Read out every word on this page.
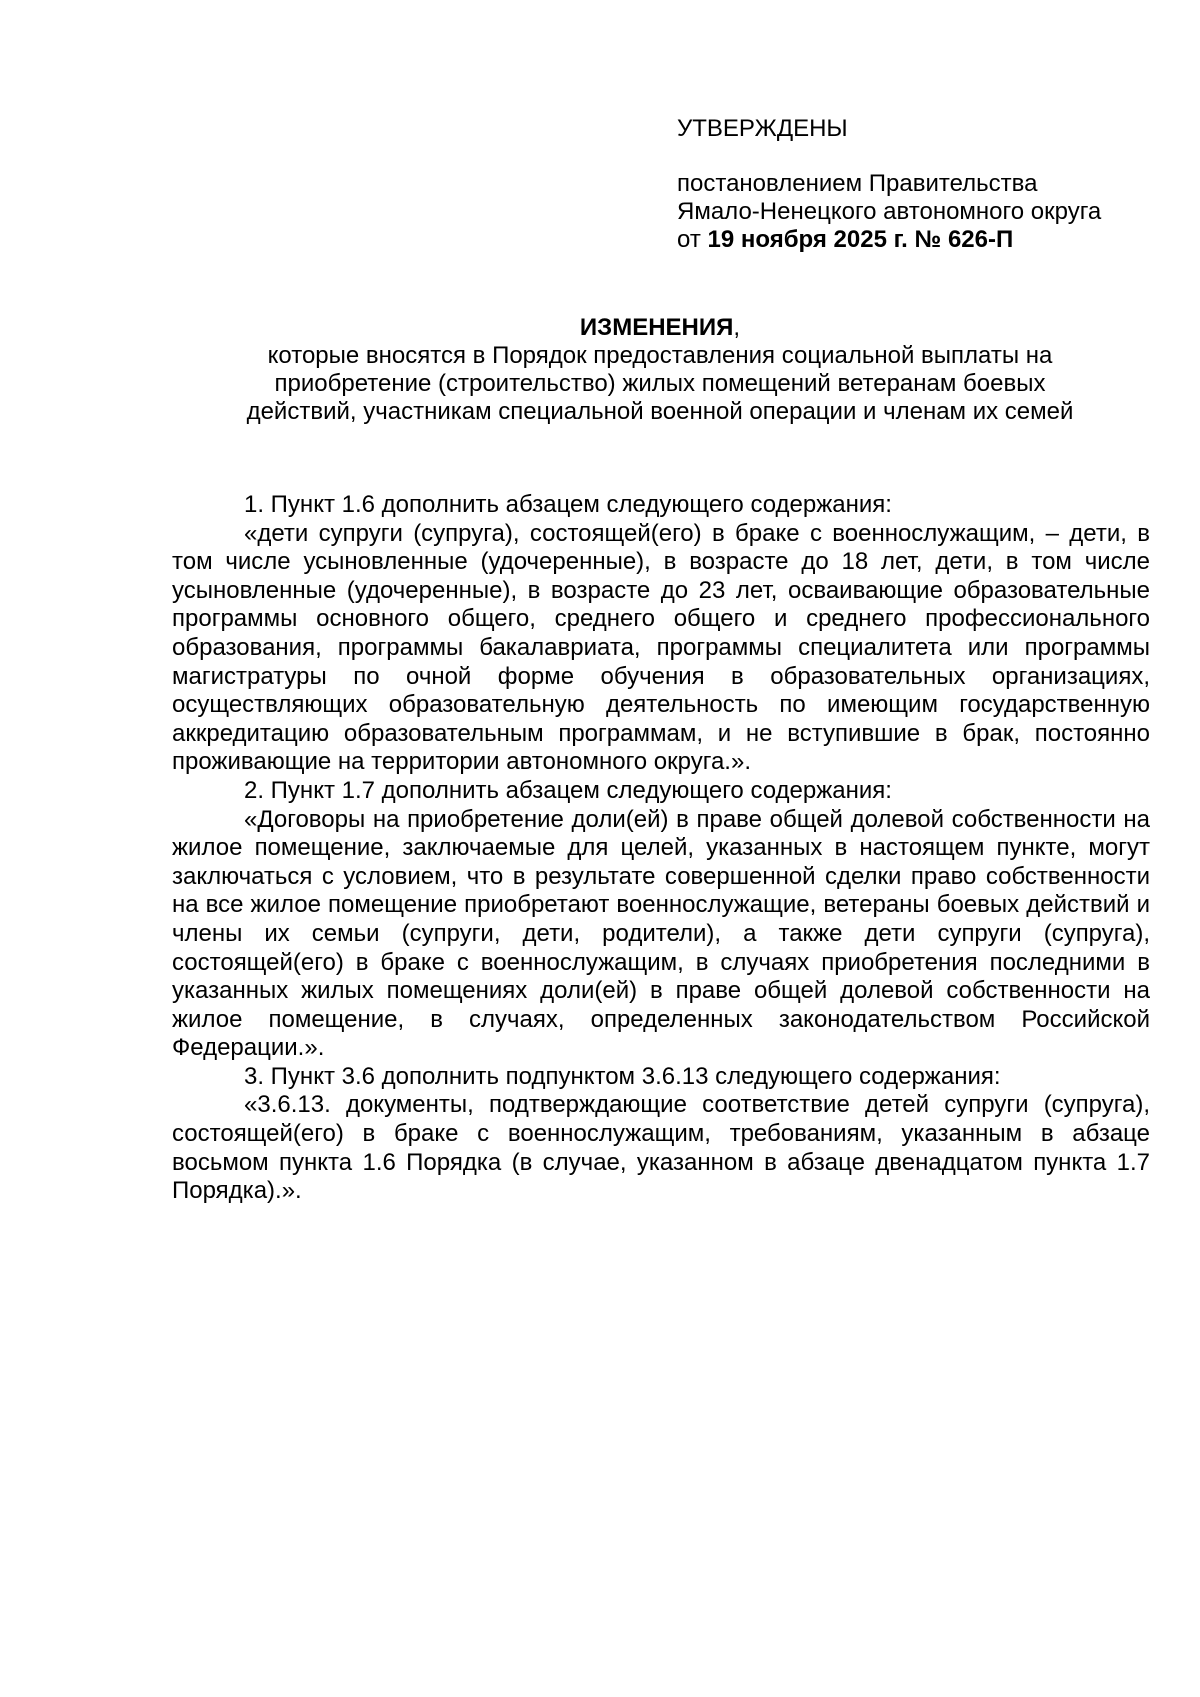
УТВЕРЖДЕНЫ

постановлением Правительства

Ямало-Ненецкого автономного округа

от 19 ноября 2025 г. № 626-П

ИЗМЕНЕНИЯ,

которые вносятся в Порядок предоставления социальной выплаты на

приобретение (строительство) жилых помещений ветеранам боевых

действий, участникам специальной военной операции и членам их семей

1. Пункт 1.6 дополнить абзацем следующего содержания:

«дети супруги (супруга), состоящей(его) в браке с военнослужащим, – дети, в том числе усыновленные (удочеренные), в возрасте до 18 лет, дети, в том числе усыновленные (удочеренные), в возрасте до 23 лет, осваивающие образовательные программы основного общего, среднего общего и среднего профессионального образования, программы бакалавриата, программы специалитета или программы магистратуры по очной форме обучения в образовательных организациях, осуществляющих образовательную деятельность по имеющим государственную аккредитацию образовательным программам, и не вступившие в брак, постоянно проживающие на территории автономного округа.».

2. Пункт 1.7 дополнить абзацем следующего содержания:

«Договоры на приобретение доли(ей) в праве общей долевой собственности на жилое помещение, заключаемые для целей, указанных в настоящем пункте, могут заключаться с условием, что в результате совершенной сделки право собственности на все жилое помещение приобретают военнослужащие, ветераны боевых действий и члены их семьи (супруги, дети, родители), а также дети супруги (супруга), состоящей(его) в браке с военнослужащим, в случаях приобретения последними в указанных жилых помещениях доли(ей) в праве общей долевой собственности на жилое помещение, в случаях, определенных законодательством Российской Федерации.».

3. Пункт 3.6 дополнить подпунктом 3.6.13 следующего содержания:

«3.6.13. документы, подтверждающие соответствие детей супруги (супруга), состоящей(его) в браке с военнослужащим, требованиям, указанным в абзаце восьмом пункта 1.6 Порядка (в случае, указанном в абзаце двенадцатом пункта 1.7 Порядка).».
